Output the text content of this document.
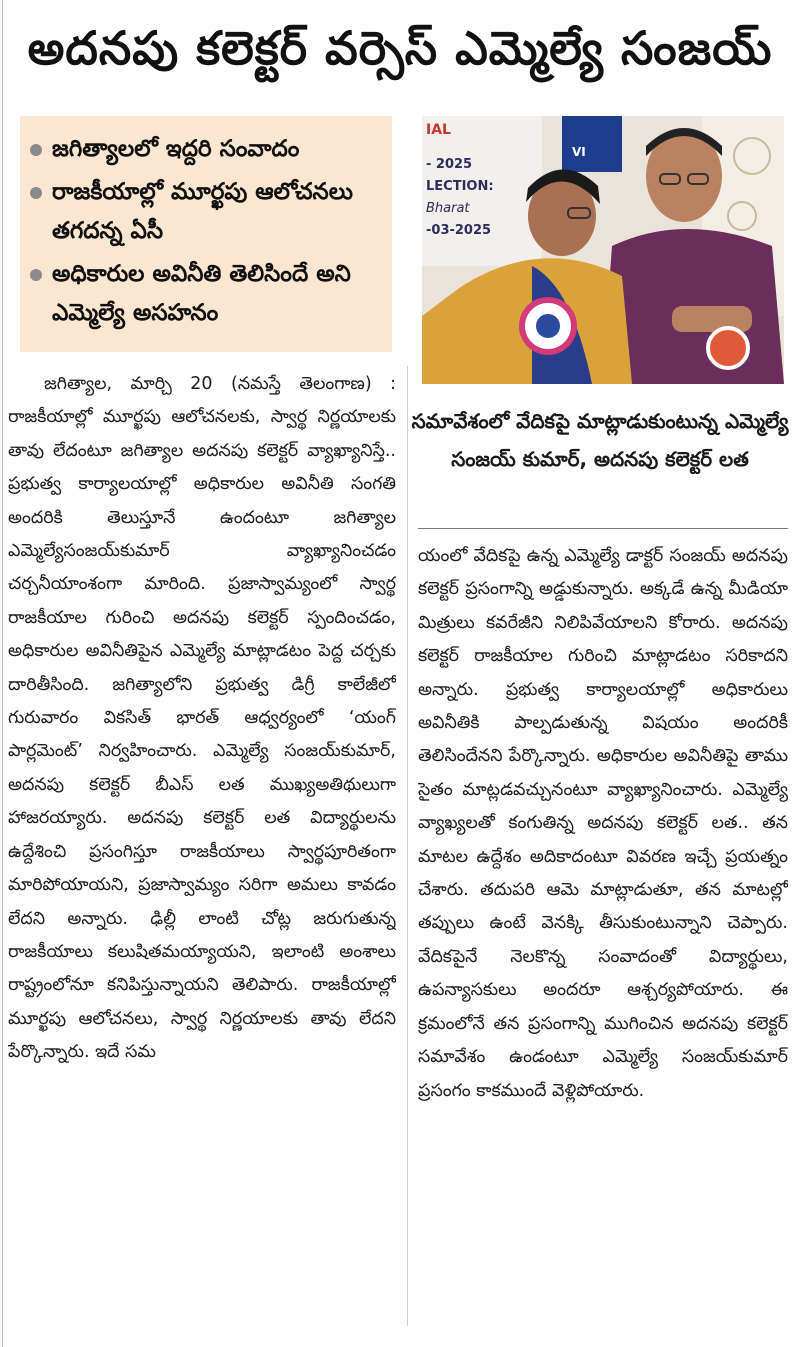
అదనపు కలెక్టర్ వర్సెస్ ఎమ్మెల్యే సంజయ్
జగిత్యాలలో ఇద్దరి సంవాదం
రాజకీయాల్లో మూర్ఖపు ఆలోచనలు తగదన్న ఏసీ
అధికారుల అవినీతి తెలిసిందే అని ఎమ్మెల్యే అసహనం
IAL
- 2025
LECTION:
Bharat
-03-2025
VI
సమావేశంలో వేదికపై మాట్లాడుకుంటున్న ఎమ్మెల్యే సంజయ్ కుమార్, అదనపు కలెక్టర్ లత
జగిత్యాల, మార్చి 20 (నమస్తే తెలంగాణ) : రాజకీయాల్లో మూర్ఖపు ఆలోచనలకు, స్వార్థ నిర్ణయాలకు తావు లేదంటూ జగిత్యాల అదనపు కలెక్టర్ వ్యాఖ్యానిస్తే.. ప్రభుత్వ కార్యాలయాల్లో అధికారుల అవినీతి సంగతి అందరికి తెలుస్తూనే ఉందంటూ జగిత్యాల ఎమ్మెల్యేసంజయ్‌కుమార్ వ్యాఖ్యానించడం చర్చనీయాంశంగా మారింది. ప్రజాస్వామ్యంలో స్వార్థ రాజకీయాల గురించి అదనపు కలెక్టర్ స్పందించడం, అధికారుల అవినీతిపైన ఎమ్మెల్యే మాట్లాడటం పెద్ద చర్చకు దారితీసింది. జగిత్యాలోని ప్రభుత్వ డిగ్రీ కాలేజీలో గురువారం వికసిత్ భారత్ ఆధ్వర్యంలో ‘యంగ్ పార్లమెంట్’ నిర్వహించారు. ఎమ్మెల్యే సంజయ్‌కుమార్, అదనపు కలెక్టర్ బీఎస్ లత ముఖ్యఅతిథులుగా హాజరయ్యారు. అదనపు కలెక్టర్ లత విద్యార్థులను ఉద్దేశించి ప్రసంగిస్తూ రాజకీయాలు స్వార్థపూరితంగా మారిపోయాయని, ప్రజాస్వామ్యం సరిగా అమలు కావడం లేదని అన్నారు. ఢిల్లీ లాంటి చోట్ల జరుగుతున్న రాజకీయాలు కలుషితమయ్యాయని, ఇలాంటి అంశాలు రాష్ట్రంలోనూ కనిపిస్తున్నాయని తెలిపారు. రాజకీయాల్లో మూర్ఖపు ఆలోచనలు, స్వార్థ నిర్ణయాలకు తావు లేదని పేర్కొన్నారు. ఇదే సమ
యంలో వేదికపై ఉన్న ఎమ్మెల్యే డాక్టర్ సంజయ్ అదనపు కలెక్టర్ ప్రసంగాన్ని అడ్డుకున్నారు. అక్కడే ఉన్న మీడియా మిత్రులు కవరేజీని నిలిపివేయాలని కోరారు. అదనపు కలెక్టర్ రాజకీయాల గురించి మాట్లాడటం సరికాదని అన్నారు. ప్రభుత్వ కార్యాలయాల్లో అధికారులు అవినీతికి పాల్పడుతున్న విషయం అందరికీ తెలిసిందేనని పేర్కొన్నారు. అధికారుల అవినీతిపై తాము సైతం మాట్లడవచ్చునంటూ వ్యాఖ్యానించారు. ఎమ్మెల్యే వ్యాఖ్యలతో కంగుతిన్న అదనపు కలెక్టర్ లత.. తన మాటల ఉద్దేశం అదికాదంటూ వివరణ ఇచ్చే ప్రయత్నం చేశారు. తదుపరి ఆమె మాట్లాడుతూ, తన మాటల్లో తప్పులు ఉంటే వెనక్కి తీసుకుంటున్నాని చెప్పారు. వేదికపైనే నెలకొన్న సంవాదంతో విద్యార్థులు, ఉపన్యాసకులు అందరూ ఆశ్చర్యపోయారు. ఈ క్రమంలోనే తన ప్రసంగాన్ని ముగించిన అదనపు కలెక్టర్ సమావేశం ఉండంటూ ఎమ్మెల్యే సంజయ్‌కుమార్ ప్రసంగం కాకముందే వెళ్లిపోయారు.
